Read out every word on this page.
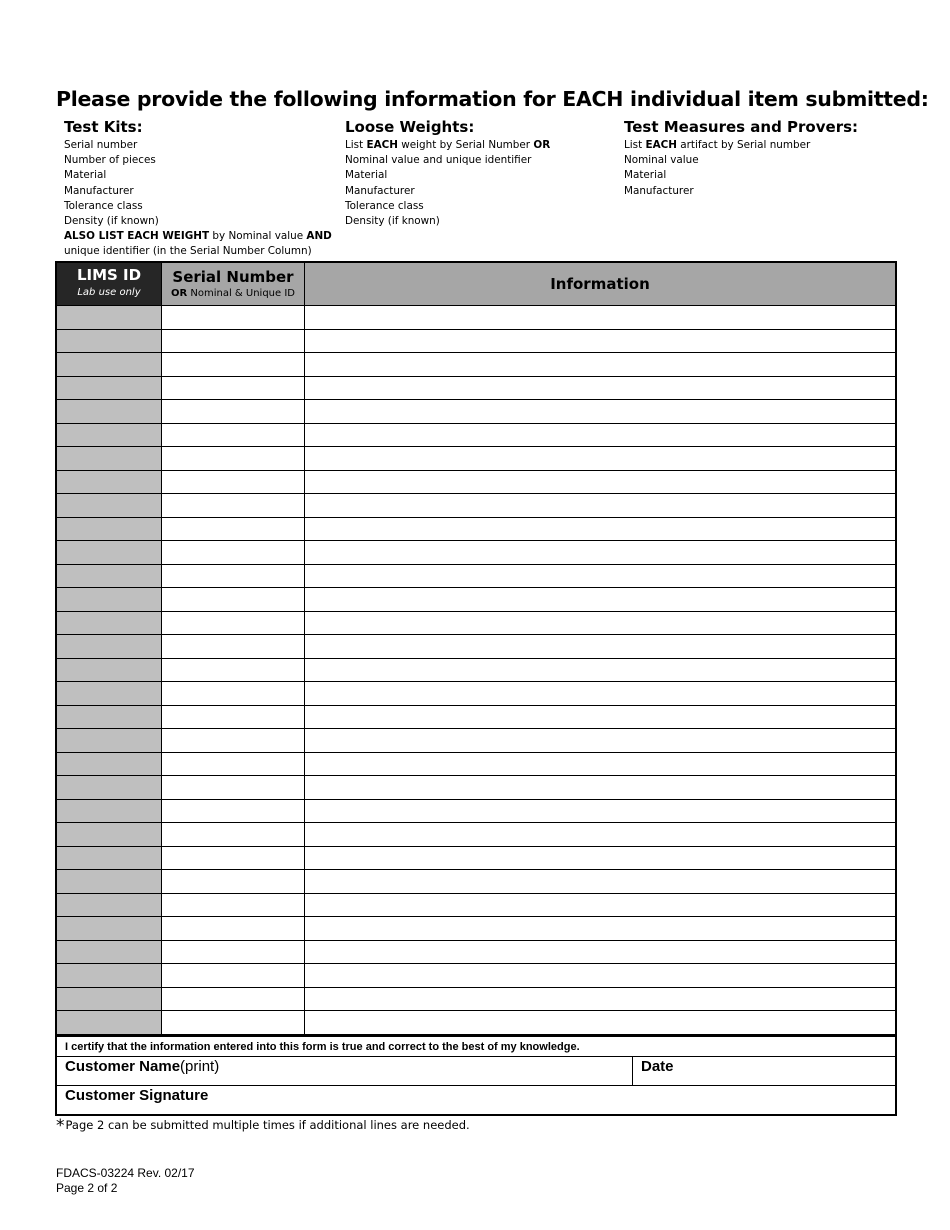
Please provide the following information for EACH individual item submitted:
Test Kits:
Serial number
Number of pieces
Material
Manufacturer
Tolerance class
Density (if known)
ALSO LIST EACH WEIGHT by Nominal value AND
unique identifier (in the Serial Number Column)
Loose Weights:
List EACH weight by Serial Number OR
Nominal value and unique identifier
Material
Manufacturer
Tolerance class
Density (if known)
Test Measures and Provers:
List EACH artifact by Serial number
Nominal value
Material
Manufacturer
LIMS ID
Lab use only
Serial Number
OR Nominal & Unique ID
Information
I certify that the information entered into this form is true and correct to the best of my knowledge.
Customer Name(print)	Date
Customer Signature
*Page 2 can be submitted multiple times if additional lines are needed.
FDACS-03224 Rev. 02/17
Page 2 of 2
